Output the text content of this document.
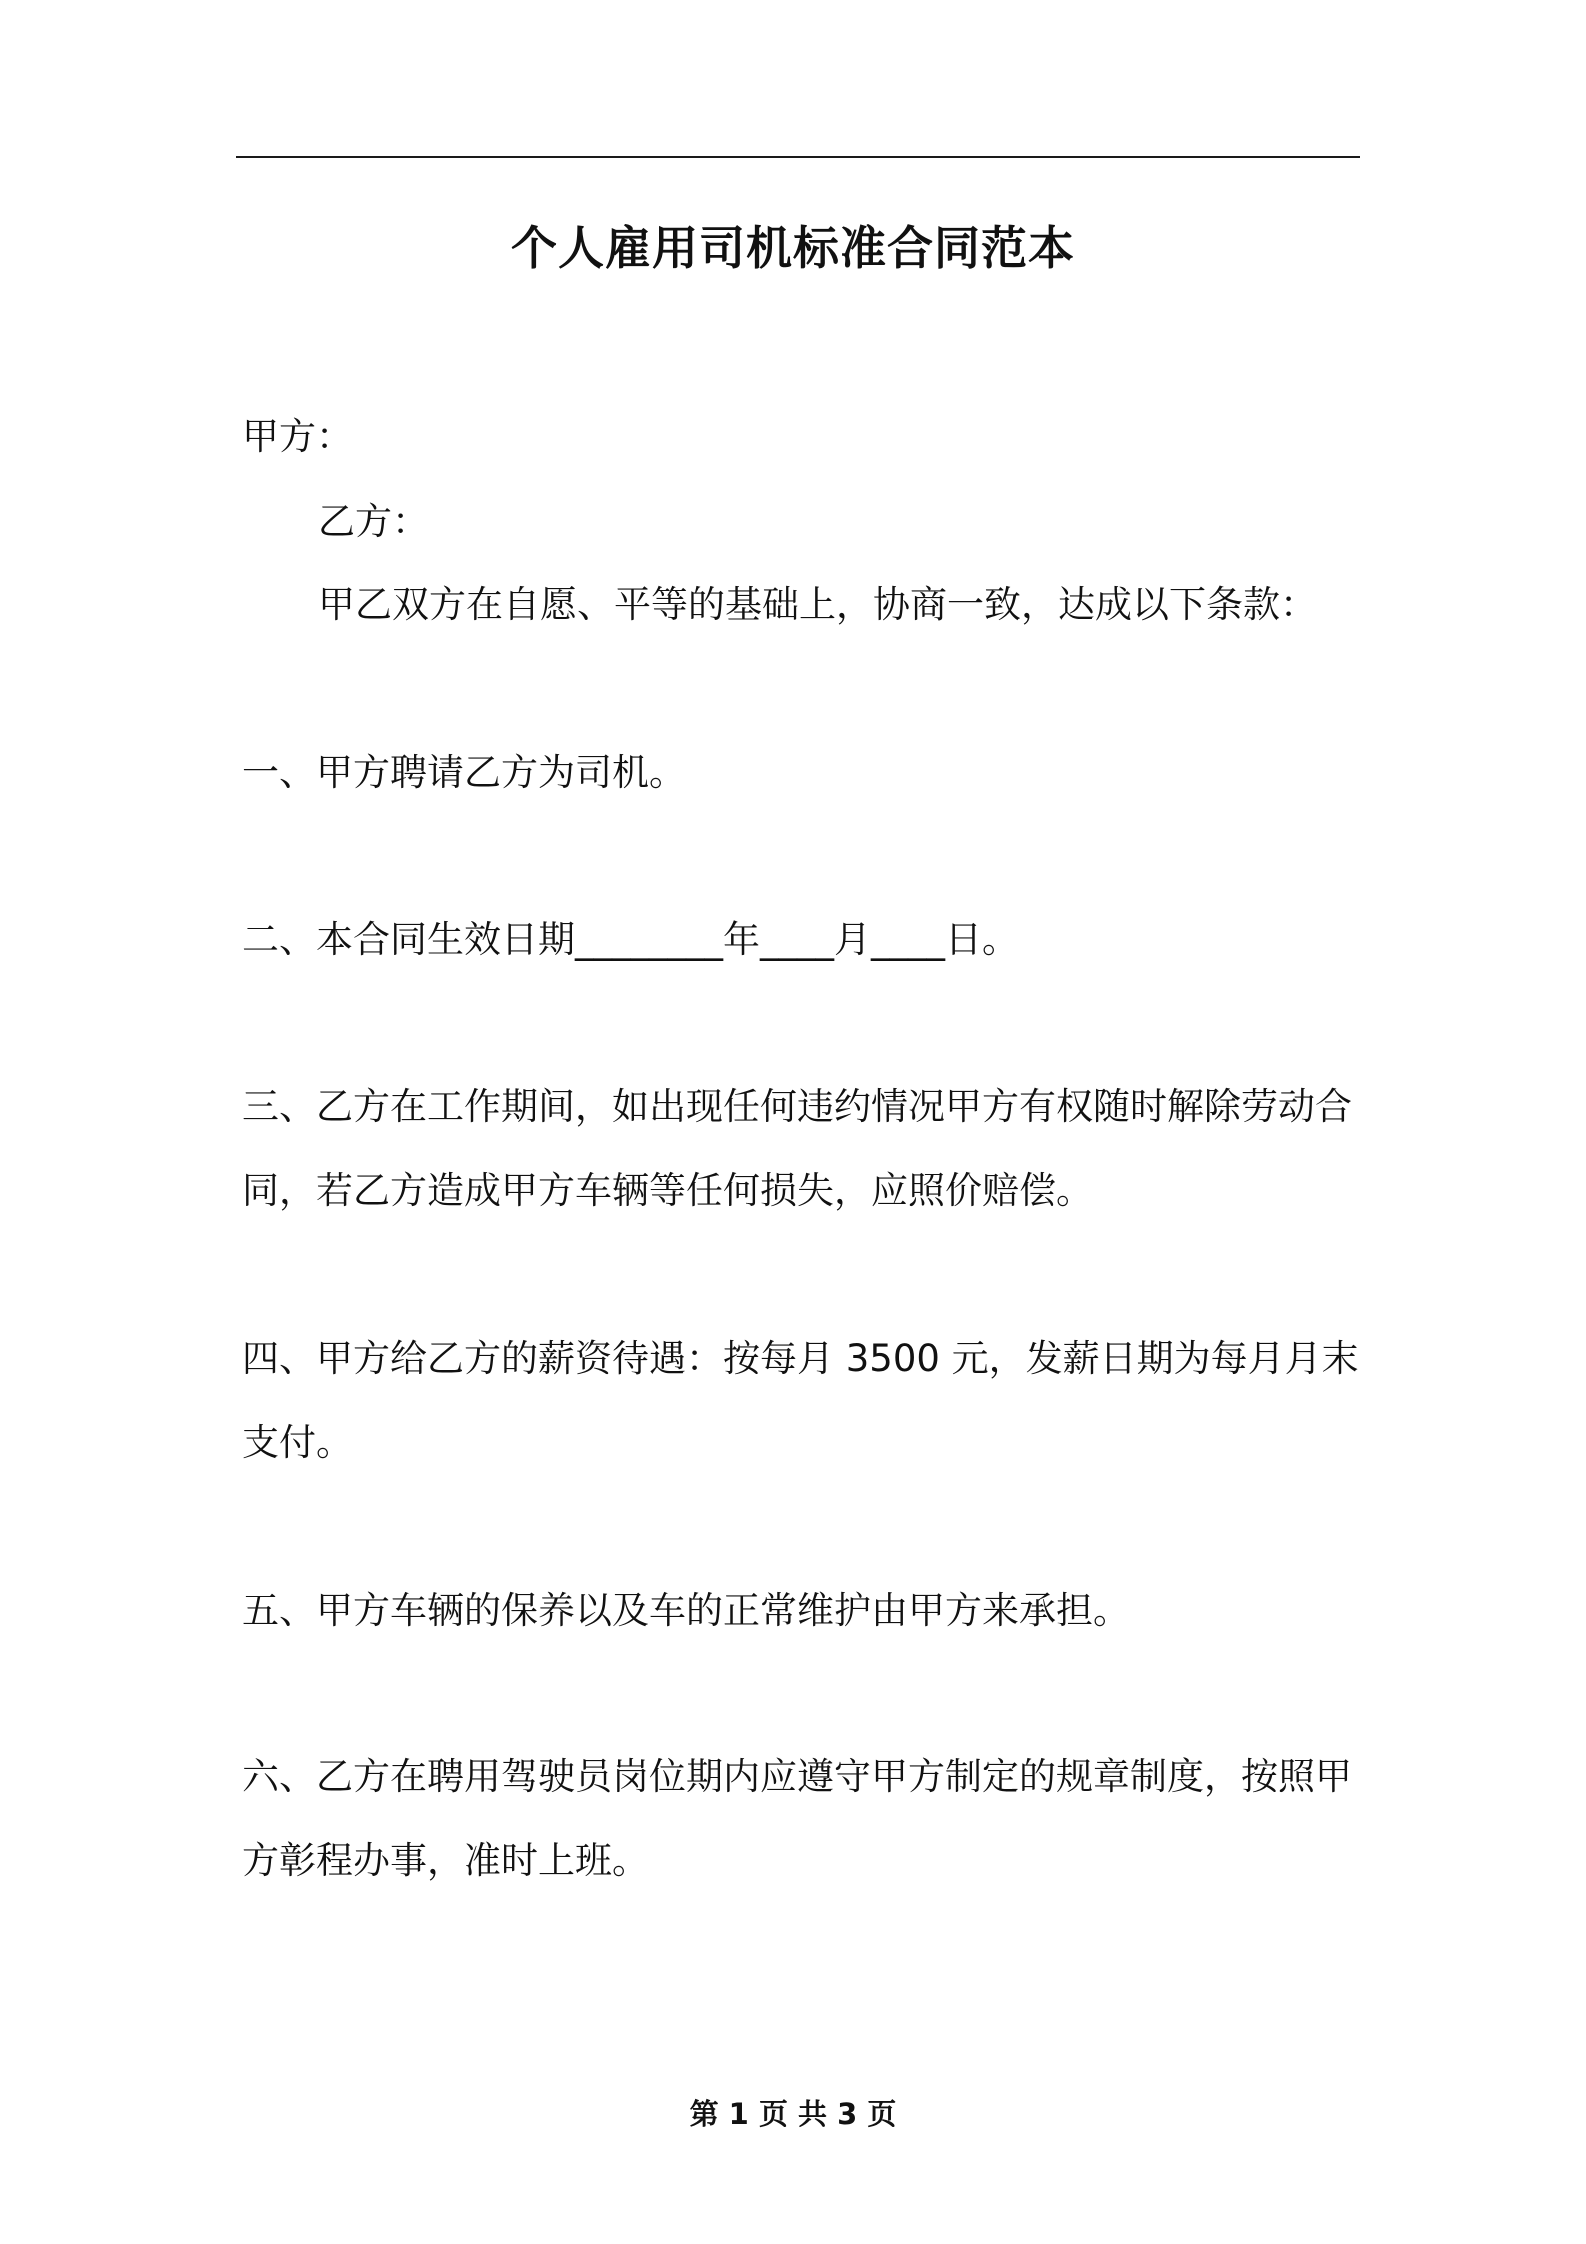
个人雇用司机标准合同范本
甲方：
乙方：
甲乙双方在自愿、平等的基础上，协商一致，达成以下条款：
一、甲方聘请乙方为司机。
二、本合同生效日期________年____月____日。
三、乙方在工作期间，如出现任何违约情况甲方有权随时解除劳动合
同，若乙方造成甲方车辆等任何损失，应照价赔偿。
四、甲方给乙方的薪资待遇：按每月 3500 元，发薪日期为每月月末
支付。
五、甲方车辆的保养以及车的正常维护由甲方来承担。
六、乙方在聘用驾驶员岗位期内应遵守甲方制定的规章制度，按照甲
方彰程办事，准时上班。
第 1 页 共 3 页
